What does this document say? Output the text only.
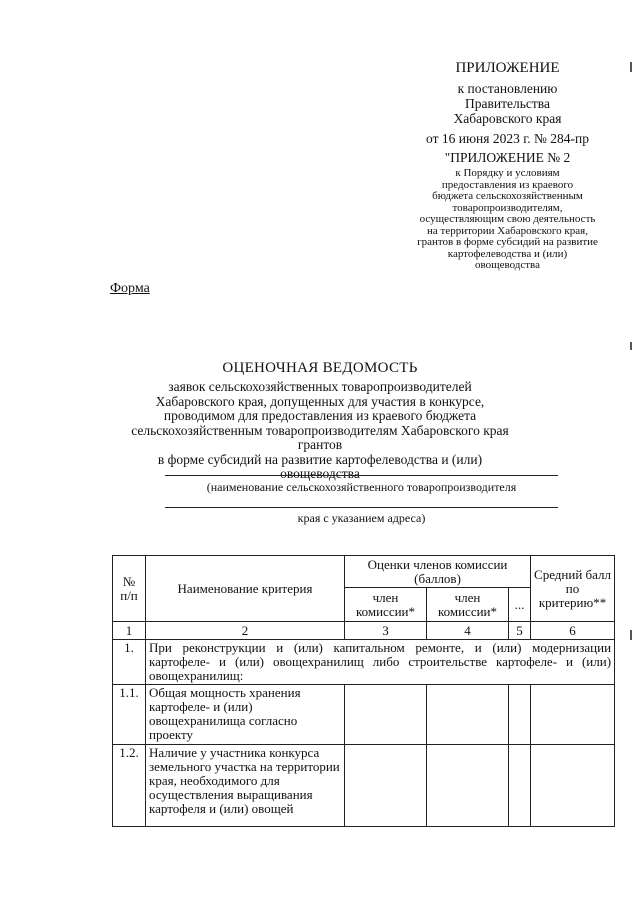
ПРИЛОЖЕНИЕ
к постановлению
Правительства
Хабаровского края
от 16 июня 2023 г. № 284-пр
"ПРИЛОЖЕНИЕ № 2
к Порядку и условиям
предоставления из краевого
бюджета сельскохозяйственным
товаропроизводителям,
осуществляющим свою деятельность
на территории Хабаровского края,
грантов в форме субсидий на развитие
картофелеводства и (или)
овощеводства
Форма
ОЦЕНОЧНАЯ ВЕДОМОСТЬ
заявок сельскохозяйственных товаропроизводителей
Хабаровского края, допущенных для участия в конкурсе,
проводимом для предоставления из краевого бюджета
сельскохозяйственным товаропроизводителям Хабаровского края грантов
в форме субсидий на развитие картофелеводства и (или)
овощеводства
(наименование сельскохозяйственного товаропроизводителя
края с указанием адреса)
№ п/п	Наименование критерия	Оценки членов комиссии (баллов)			Средний балл по критерию**
		член комиссии*	член комиссии*	...	
1	2	3	4	5	6
1.	При реконструкции и (или) капитальном ремонте, и (или) модернизации картофеле- и (или) овощехранилищ либо строительстве картофеле- и (или) овощехранилищ:				
1.1.	Общая мощность хранения картофеле- и (или) овощехранилища согласно проекту				
1.2.	Наличие у участника конкурса земельного участка на территории края, необходимого для осуществления выращивания картофеля и (или) овощей				
